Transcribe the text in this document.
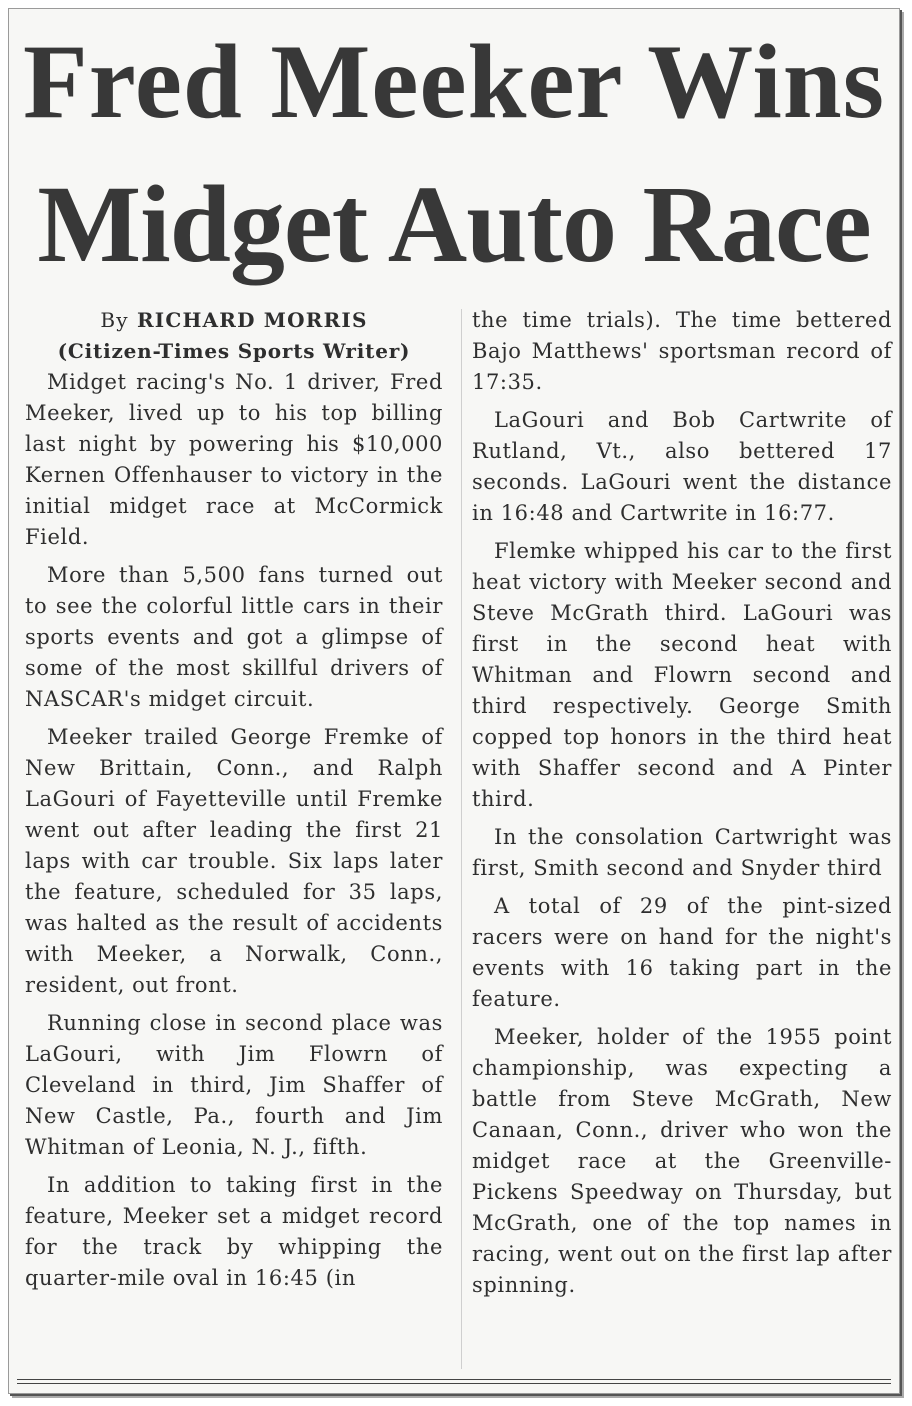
Fred Meeker Wins
Midget Auto Race

By RICHARD MORRIS

(Citizen-Times Sports Writer)

Midget racing's No. 1 driver, Fred Meeker, lived up to his top billing last night by powering his $10,000 Kernen Offenhauser to victory in the initial midget race at McCormick Field.

More than 5,500 fans turned out to see the colorful little cars in their sports events and got a glimpse of some of the most skillful drivers of NASCAR's midget circuit.

Meeker trailed George Fremke of New Brittain, Conn., and Ralph LaGouri of Fayetteville until Fremke went out after leading the first 21 laps with car trouble. Six laps later the feature, scheduled for 35 laps, was halted as the result of accidents with Meeker, a Norwalk, Conn., resident, out front.

Running close in second place was LaGouri, with Jim Flowrn of Cleveland in third, Jim Shaffer of New Castle, Pa., fourth and Jim Whitman of Leonia, N. J., fifth.

In addition to taking first in the feature, Meeker set a midget record for the track by whipping the quarter-mile oval in 16:45 (in

the time trials). The time bettered Bajo Matthews' sportsman record of 17:35.

LaGouri and Bob Cartwrite of Rutland, Vt., also bettered 17 seconds. LaGouri went the distance in 16:48 and Cartwrite in 16:77.

Flemke whipped his car to the first heat victory with Meeker second and Steve McGrath third. LaGouri was first in the second heat with Whitman and Flowrn second and third respectively. George Smith copped top honors in the third heat with Shaffer second and A Pinter third.

In the consolation Cartwright was first, Smith second and Snyder third

A total of 29 of the pint-sized racers were on hand for the night's events with 16 taking part in the feature.

Meeker, holder of the 1955 point championship, was expecting a battle from Steve McGrath, New Canaan, Conn., driver who won the midget race at the Greenville-Pickens Speedway on Thursday, but McGrath, one of the top names in racing, went out on the first lap after spinning.
